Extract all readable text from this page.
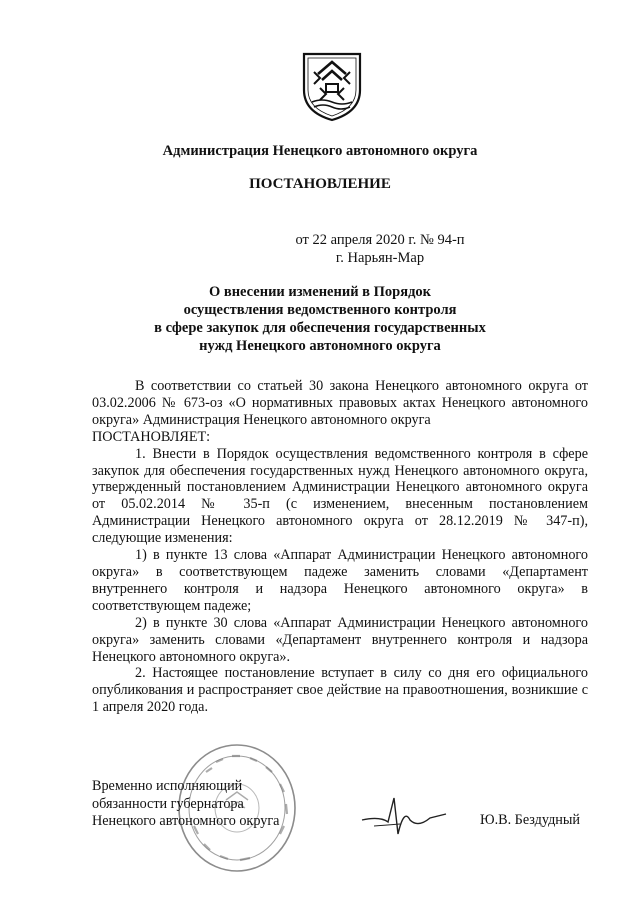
Администрация Ненецкого автономного округа
ПОСТАНОВЛЕНИЕ
от 22 апреля 2020 г. № 94-п
г. Нарьян-Мар
О внесении изменений в Порядок
осуществления ведомственного контроля
в сфере закупок для обеспечения государственных
нужд Ненецкого автономного округа

В соответствии со статьей 30 закона Ненецкого автономного округа от 03.02.2006 № 673-оз «О нормативных правовых актах Ненецкого автономного округа» Администрация Ненецкого автономного округа

ПОСТАНОВЛЯЕТ:

1. Внести в Порядок осуществления ведомственного контроля в сфере закупок для обеспечения государственных нужд Ненецкого автономного округа, утвержденный постановлением Администрации Ненецкого автономного округа от 05.02.2014 № 35-п (с изменением, внесенным постановлением Администрации Ненецкого автономного округа от 28.12.2019 № 347-п), следующие изменения:

1) в пункте 13 слова «Аппарат Администрации Ненецкого автономного округа» в соответствующем падеже заменить словами «Департамент внутреннего контроля и надзора Ненецкого автономного округа» в соответствующем падеже;

2) в пункте 30 слова «Аппарат Администрации Ненецкого автономного округа» заменить словами «Департамент внутреннего контроля и надзора Ненецкого автономного округа».

2. Настоящее постановление вступает в силу со дня его официального опубликования и распространяет свое действие на правоотношения, возникшие с 1 апреля 2020 года.

Временно исполняющий
обязанности губернатора
Ненецкого автономного округа	Ю.В. Бездудный
